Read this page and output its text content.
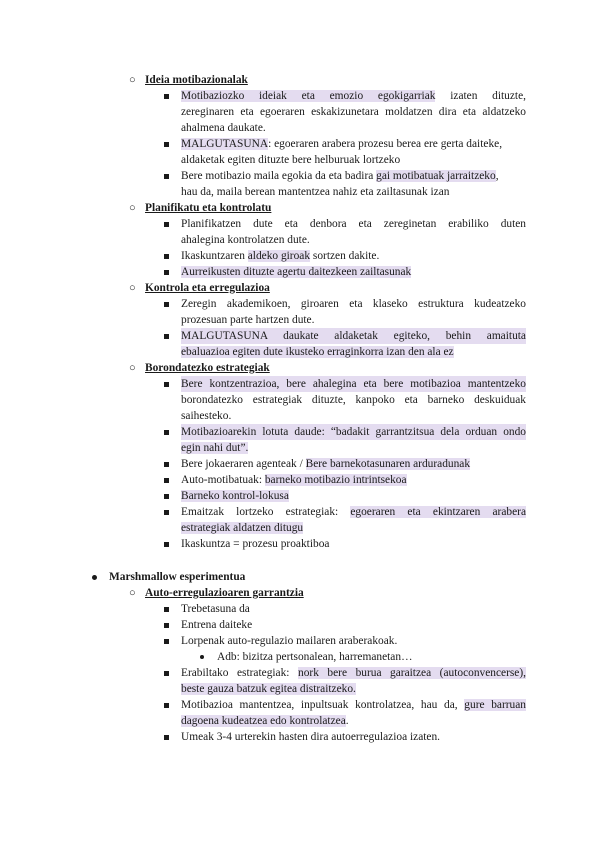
○ Ideia motibazionalak
Motibaziozko ideiak eta emozio egokigarriak izaten dituzte,
zereginaren eta egoeraren eskakizunetara moldatzen dira eta aldatzeko
ahalmena daukate.
MALGUTASUNA: egoeraren arabera prozesu berea ere gerta daiteke,
aldaketak egiten dituzte bere helburuak lortzeko
Bere motibazio maila egokia da eta badira gai motibatuak jarraitzeko,
hau da, maila berean mantentzea nahiz eta zailtasunak izan
○ Planifikatu eta kontrolatu
Planifikatzen dute eta denbora eta zereginetan erabiliko duten
ahalegina kontrolatzen dute.
Ikaskuntzaren aldeko giroak sortzen dakite.
Aurreikusten dituzte agertu daitezkeen zailtasunak
○ Kontrola eta erregulazioa
Zeregin akademikoen, giroaren eta klaseko estruktura kudeatzeko
prozesuan parte hartzen dute.
MALGUTASUNA daukate aldaketak egiteko, behin amaituta
ebaluazioa egiten dute ikusteko erraginkorra izan den ala ez
○ Borondatezko estrategiak
Bere kontzentrazioa, bere ahalegina eta bere motibazioa mantentzeko
borondatezko estrategiak dituzte, kanpoko eta barneko deskuiduak
saihesteko.
Motibazioarekin lotuta daude: “badakit garrantzitsua dela orduan ondo
egin nahi dut”.
Bere jokaeraren agenteak / Bere barnekotasunaren arduradunak
Auto-motibatuak: barneko motibazio intrintsekoa
Barneko kontrol-lokusa
Emaitzak lortzeko estrategiak: egoeraren eta ekintzaren arabera
estrategiak aldatzen ditugu
Ikaskuntza = prozesu proaktiboa
Marshmallow esperimentua
○ Auto-erregulazioaren garrantzia
Trebetasuna da
Entrena daiteke
Lorpenak auto-regulazio mailaren araberakoak.
Adb: bizitza pertsonalean, harremanetan…
Erabiltako estrategiak: nork bere burua garaitzea (autoconvencerse),
beste gauza batzuk egitea distraitzeko.
Motibazioa mantentzea, inpultsuak kontrolatzea, hau da, gure barruan
dagoena kudeatzea edo kontrolatzea.
Umeak 3-4 urterekin hasten dira autoerregulazioa izaten.
